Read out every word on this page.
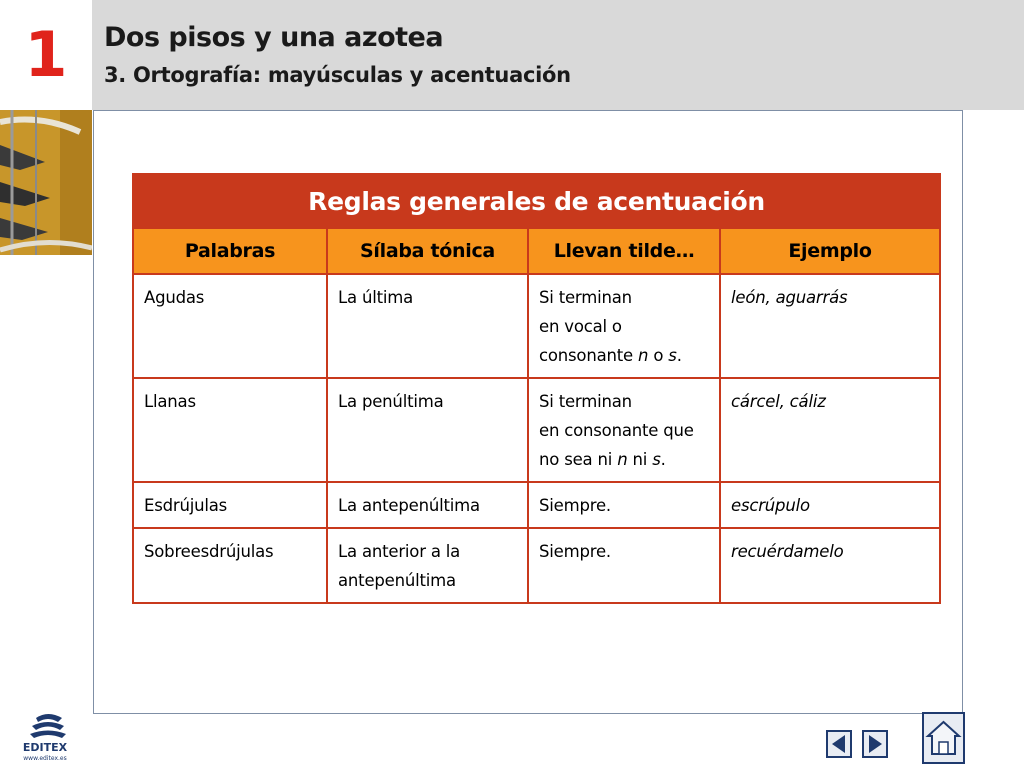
1	Dos pisos y una azotea
3. Ortografía: mayúsculas y acentuación
Reglas generales de acentuación			
Palabras	Sílaba tónica	Llevan tilde…	Ejemplo
Agudas	La última	Si terminan
en vocal o
consonante n o s.	león, aguarrás
Llanas	La penúltima	Si terminan
en consonante que
no sea ni n ni s.	cárcel, cáliz
Esdrújulas	La antepenúltima	Siempre.	escrúpulo
Sobreesdrújulas	La anterior a la
antepenúltima	Siempre.	recuérdamelo
EDITEX
www.editex.es
